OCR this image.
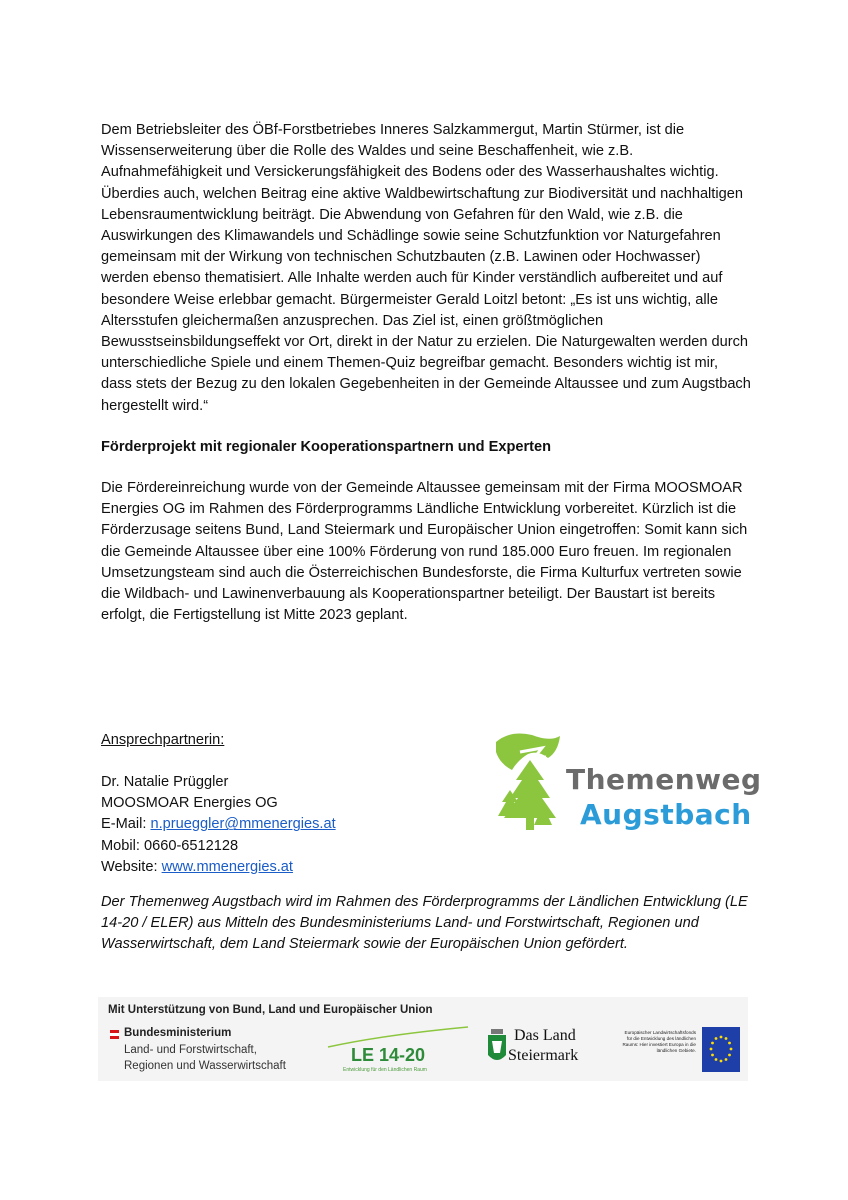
Dem Betriebsleiter des ÖBf-Forstbetriebes Inneres Salzkammergut, Martin Stürmer, ist die Wissenserweiterung über die Rolle des Waldes und seine Beschaffenheit, wie z.B. Aufnahmefähigkeit und Versickerungsfähigkeit des Bodens oder des Wasserhaushaltes wichtig. Überdies auch, welchen Beitrag eine aktive Waldbewirtschaftung zur Biodiversität und nachhaltigen Lebensraumentwicklung beiträgt. Die Abwendung von Gefahren für den Wald, wie z.B. die Auswirkungen des Klimawandels und Schädlinge sowie seine Schutzfunktion vor Naturgefahren gemeinsam mit der Wirkung von technischen Schutzbauten (z.B. Lawinen oder Hochwasser) werden ebenso thematisiert. Alle Inhalte werden auch für Kinder verständlich aufbereitet und auf besondere Weise erlebbar gemacht. Bürgermeister Gerald Loitzl betont: „Es ist uns wichtig, alle Altersstufen gleichermaßen anzusprechen. Das Ziel ist, einen größtmöglichen Bewusstseinsbildungseffekt vor Ort, direkt in der Natur zu erzielen. Die Naturgewalten werden durch unterschiedliche Spiele und einem Themen-Quiz begreifbar gemacht. Besonders wichtig ist mir, dass stets der Bezug zu den lokalen Gegebenheiten in der Gemeinde Altaussee und zum Augstbach hergestellt wird.“

Förderprojekt mit regionaler Kooperationspartnern und Experten

Die Fördereinreichung wurde von der Gemeinde Altaussee gemeinsam mit der Firma MOOSMOAR Energies OG im Rahmen des Förderprogramms Ländliche Entwicklung vorbereitet. Kürzlich ist die Förderzusage seitens Bund, Land Steiermark und Europäischer Union eingetroffen: Somit kann sich die Gemeinde Altaussee über eine 100% Förderung von rund 185.000 Euro freuen. Im regionalen Umsetzungsteam sind auch die Österreichischen Bundesforste, die Firma Kulturfux vertreten sowie die Wildbach- und Lawinenverbauung als Kooperationspartner beteiligt. Der Baustart ist bereits erfolgt, die Fertigstellung ist Mitte 2023 geplant.

Ansprechpartnerin:
Dr. Natalie Prüggler
MOOSMOAR Energies OG
E-Mail: n.prueggler@mmenergies.at
Mobil: 0660-6512128
Website: www.mmenergies.at
Themenweg
Augstbach

Der Themenweg Augstbach wird im Rahmen des Förderprogramms der Ländlichen Entwicklung (LE 14-20 / ELER) aus Mitteln des Bundesministeriums Land- und Forstwirtschaft, Regionen und Wasserwirtschaft, dem Land Steiermark sowie der Europäischen Union gefördert.

Mit Unterstützung von Bund, Land und Europäischer Union
Bundesministerium
Land- und Forstwirtschaft,
Regionen und Wasserwirtschaft
LE 14-20
Entwicklung für den Ländlichen Raum
Das Land
Steiermark
Europäischer Landwirtschaftsfonds für die Entwicklung des ländlichen Raums: Hier investiert Europa in die ländlichen Gebiete.
